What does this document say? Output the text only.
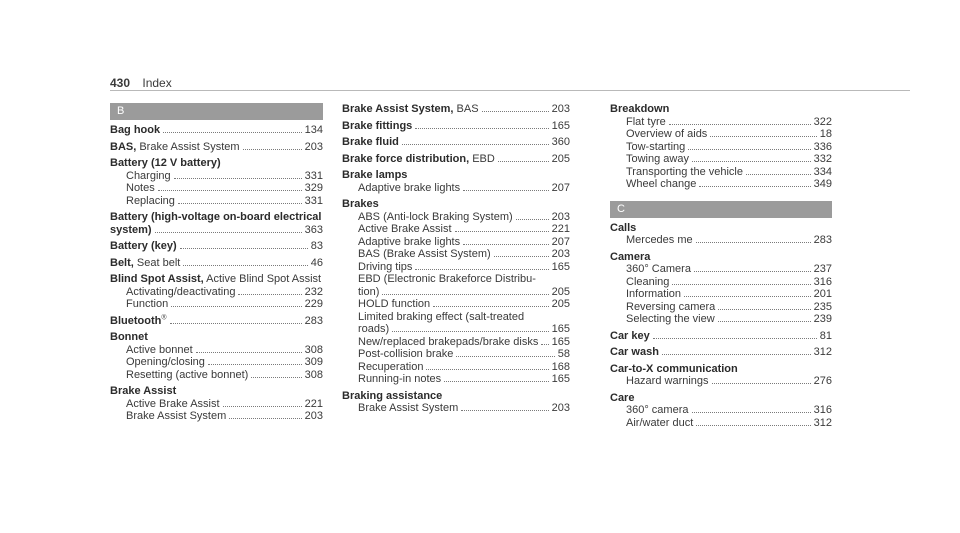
430 Index
B
Bag hook	134
BAS, Brake Assist System	203
Battery (12 V battery)
Charging	331
Notes	329
Replacing	331
Battery (high-voltage on-board electrical
system)	363
Battery (key)	83
Belt, Seat belt	46
Blind Spot Assist, Active Blind Spot Assist
Activating/deactivating	232
Function	229
Bluetooth®	283
Bonnet
Active bonnet	308
Opening/closing	309
Resetting (active bonnet)	308
Brake Assist
Active Brake Assist	221
Brake Assist System	203
Brake Assist System, BAS	203
Brake fittings	165
Brake fluid	360
Brake force distribution, EBD	205
Brake lamps
Adaptive brake lights	207
Brakes
ABS (Anti-lock Braking System)	203
Active Brake Assist	221
Adaptive brake lights	207
BAS (Brake Assist System)	203
Driving tips	165
EBD (Electronic Brakeforce Distribu-
tion)	205
HOLD function	205
Limited braking effect (salt-treated
roads)	165
New/replaced brakepads/brake disks 165
Post-collision brake	58
Recuperation	168
Running-in notes	165
Braking assistance
Brake Assist System	203
Breakdown
Flat tyre	322
Overview of aids	18
Tow-starting	336
Towing away	332
Transporting the vehicle	334
Wheel change	349
C
Calls
Mercedes me	283
Camera
360° Camera	237
Cleaning	316
Information	201
Reversing camera	235
Selecting the view	239
Car key	81
Car wash	312
Car-to-X communication
Hazard warnings	276
Care
360° camera	316
Air/water duct	312
